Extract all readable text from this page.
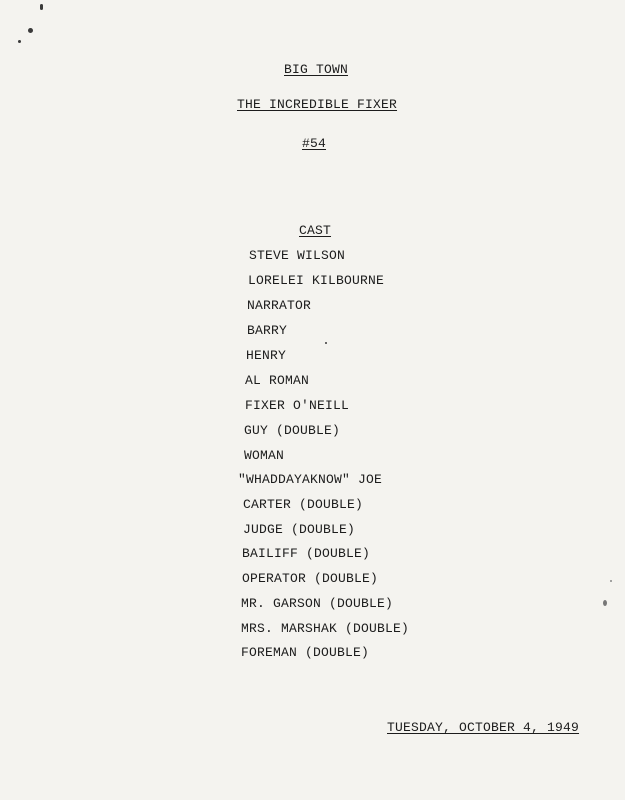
BIG TOWN
THE INCREDIBLE FIXER
#54
CAST
STEVE WILSON
LORELEI KILBOURNE
NARRATOR
BARRY
HENRY
AL ROMAN
FIXER O'NEILL
GUY (DOUBLE)
WOMAN
"WHADDAYAKNOW" JOE
CARTER (DOUBLE)
JUDGE (DOUBLE)
BAILIFF (DOUBLE)
OPERATOR (DOUBLE)
MR. GARSON (DOUBLE)
MRS. MARSHAK (DOUBLE)
FOREMAN (DOUBLE)
TUESDAY, OCTOBER 4, 1949
